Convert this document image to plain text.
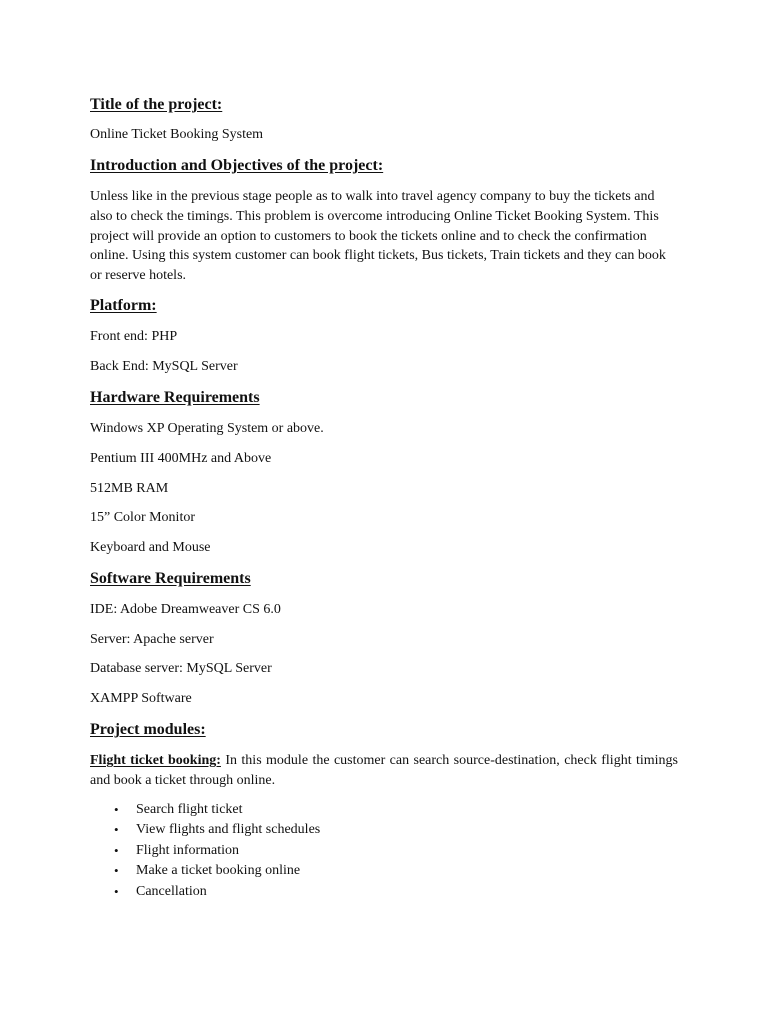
Title of the project:
Online Ticket Booking System
Introduction and Objectives of the project:
Unless like in the previous stage people as to walk into travel agency company to buy the tickets and also to check the timings. This problem is overcome introducing Online Ticket Booking System. This project will provide an option to customers to book the tickets online and to check the confirmation online. Using this system customer can book flight tickets, Bus tickets, Train tickets and they can book or reserve hotels.
Platform:
Front end: PHP
Back End: MySQL Server
Hardware Requirements
Windows XP Operating System or above.
Pentium III 400MHz and Above
512MB RAM
15” Color Monitor
Keyboard and Mouse
Software Requirements
IDE: Adobe Dreamweaver CS 6.0
Server: Apache server
Database server: MySQL Server
XAMPP Software
Project modules:
Flight ticket booking: In this module the customer can search source-destination, check flight timings and book a ticket through online.
• Search flight ticket
• View flights and flight schedules
• Flight information
• Make a ticket booking online
• Cancellation
